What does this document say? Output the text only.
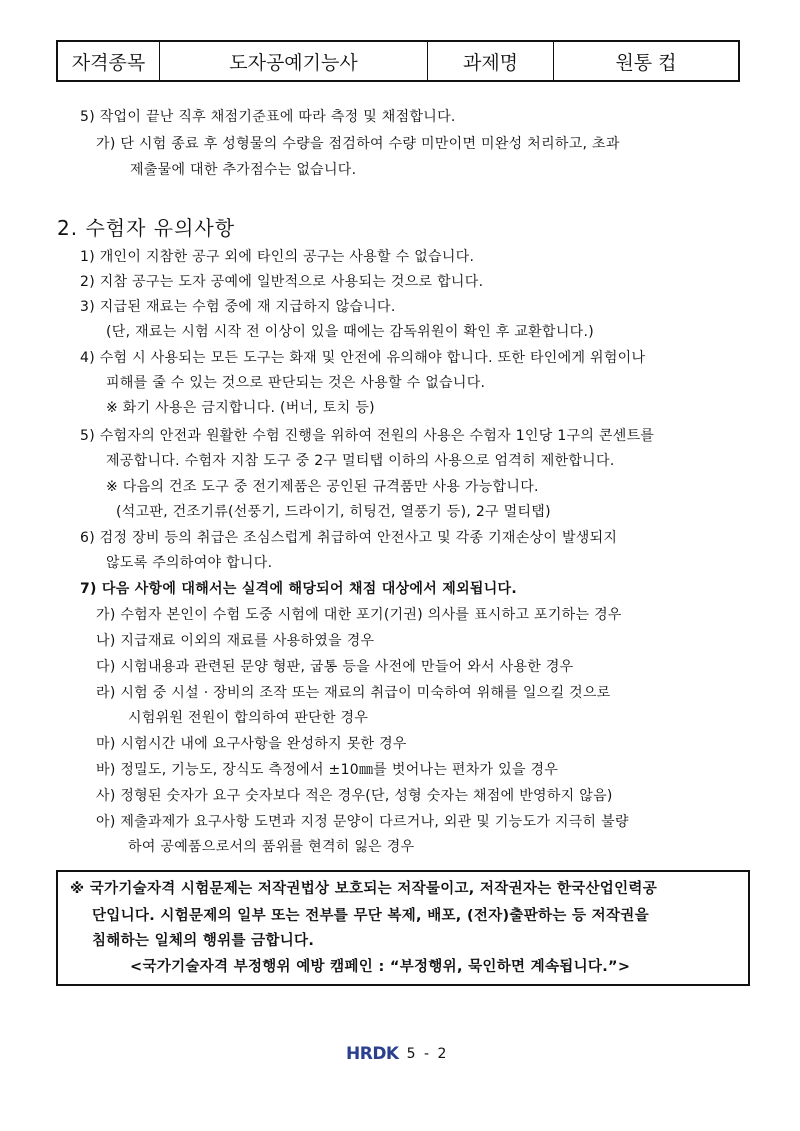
자격종목	도자공예기능사	과제명	원통 컵
5) 작업이 끝난 직후 채점기준표에 따라 측정 및 채점합니다.
가) 단 시험 종료 후 성형물의 수량을 점검하여 수량 미만이면 미완성 처리하고, 초과
제출물에 대한 추가점수는 없습니다.
2. 수험자 유의사항
1) 개인이 지참한 공구 외에 타인의 공구는 사용할 수 없습니다.
2) 지참 공구는 도자 공예에 일반적으로 사용되는 것으로 합니다.
3) 지급된 재료는 수험 중에 재 지급하지 않습니다.
(단, 재료는 시험 시작 전 이상이 있을 때에는 감독위원이 확인 후 교환합니다.)
4) 수험 시 사용되는 모든 도구는 화재 및 안전에 유의해야 합니다. 또한 타인에게 위험이나
피해를 줄 수 있는 것으로 판단되는 것은 사용할 수 없습니다.
※ 화기 사용은 금지합니다. (버너, 토치 등)
5) 수험자의 안전과 원활한 수험 진행을 위하여 전원의 사용은 수험자 1인당 1구의 콘센트를
제공합니다. 수험자 지참 도구 중 2구 멀티탭 이하의 사용으로 엄격히 제한합니다.
※ 다음의 건조 도구 중 전기제품은 공인된 규격품만 사용 가능합니다.
(석고판, 건조기류(선풍기, 드라이기, 히팅건, 열풍기 등), 2구 멀티탭)
6) 검정 장비 등의 취급은 조심스럽게 취급하여 안전사고 및 각종 기재손상이 발생되지
않도록 주의하여야 합니다.
7) 다음 사항에 대해서는 실격에 해당되어 채점 대상에서 제외됩니다.
가) 수험자 본인이 수험 도중 시험에 대한 포기(기권) 의사를 표시하고 포기하는 경우
나) 지급재료 이외의 재료를 사용하였을 경우
다) 시험내용과 관련된 문양 형판, 굽통 등을 사전에 만들어 와서 사용한 경우
라) 시험 중 시설 · 장비의 조작 또는 재료의 취급이 미숙하여 위해를 일으킬 것으로
시험위원 전원이 합의하여 판단한 경우
마) 시험시간 내에 요구사항을 완성하지 못한 경우
바) 정밀도, 기능도, 장식도 측정에서 ±10㎜를 벗어나는 편차가 있을 경우
사) 정형된 숫자가 요구 숫자보다 적은 경우(단, 성형 숫자는 채점에 반영하지 않음)
아) 제출과제가 요구사항 도면과 지정 문양이 다르거나, 외관 및 기능도가 지극히 불량
하여 공예품으로서의 품위를 현격히 잃은 경우
※ 국가기술자격 시험문제는 저작권법상 보호되는 저작물이고, 저작권자는 한국산업인력공
단입니다. 시험문제의 일부 또는 전부를 무단 복제, 배포, (전자)출판하는 등 저작권을
침해하는 일체의 행위를 금합니다.
<국가기술자격 부정행위 예방 캠페인 : “부정행위, 묵인하면 계속됩니다.”>
HRDK 5 - 2
